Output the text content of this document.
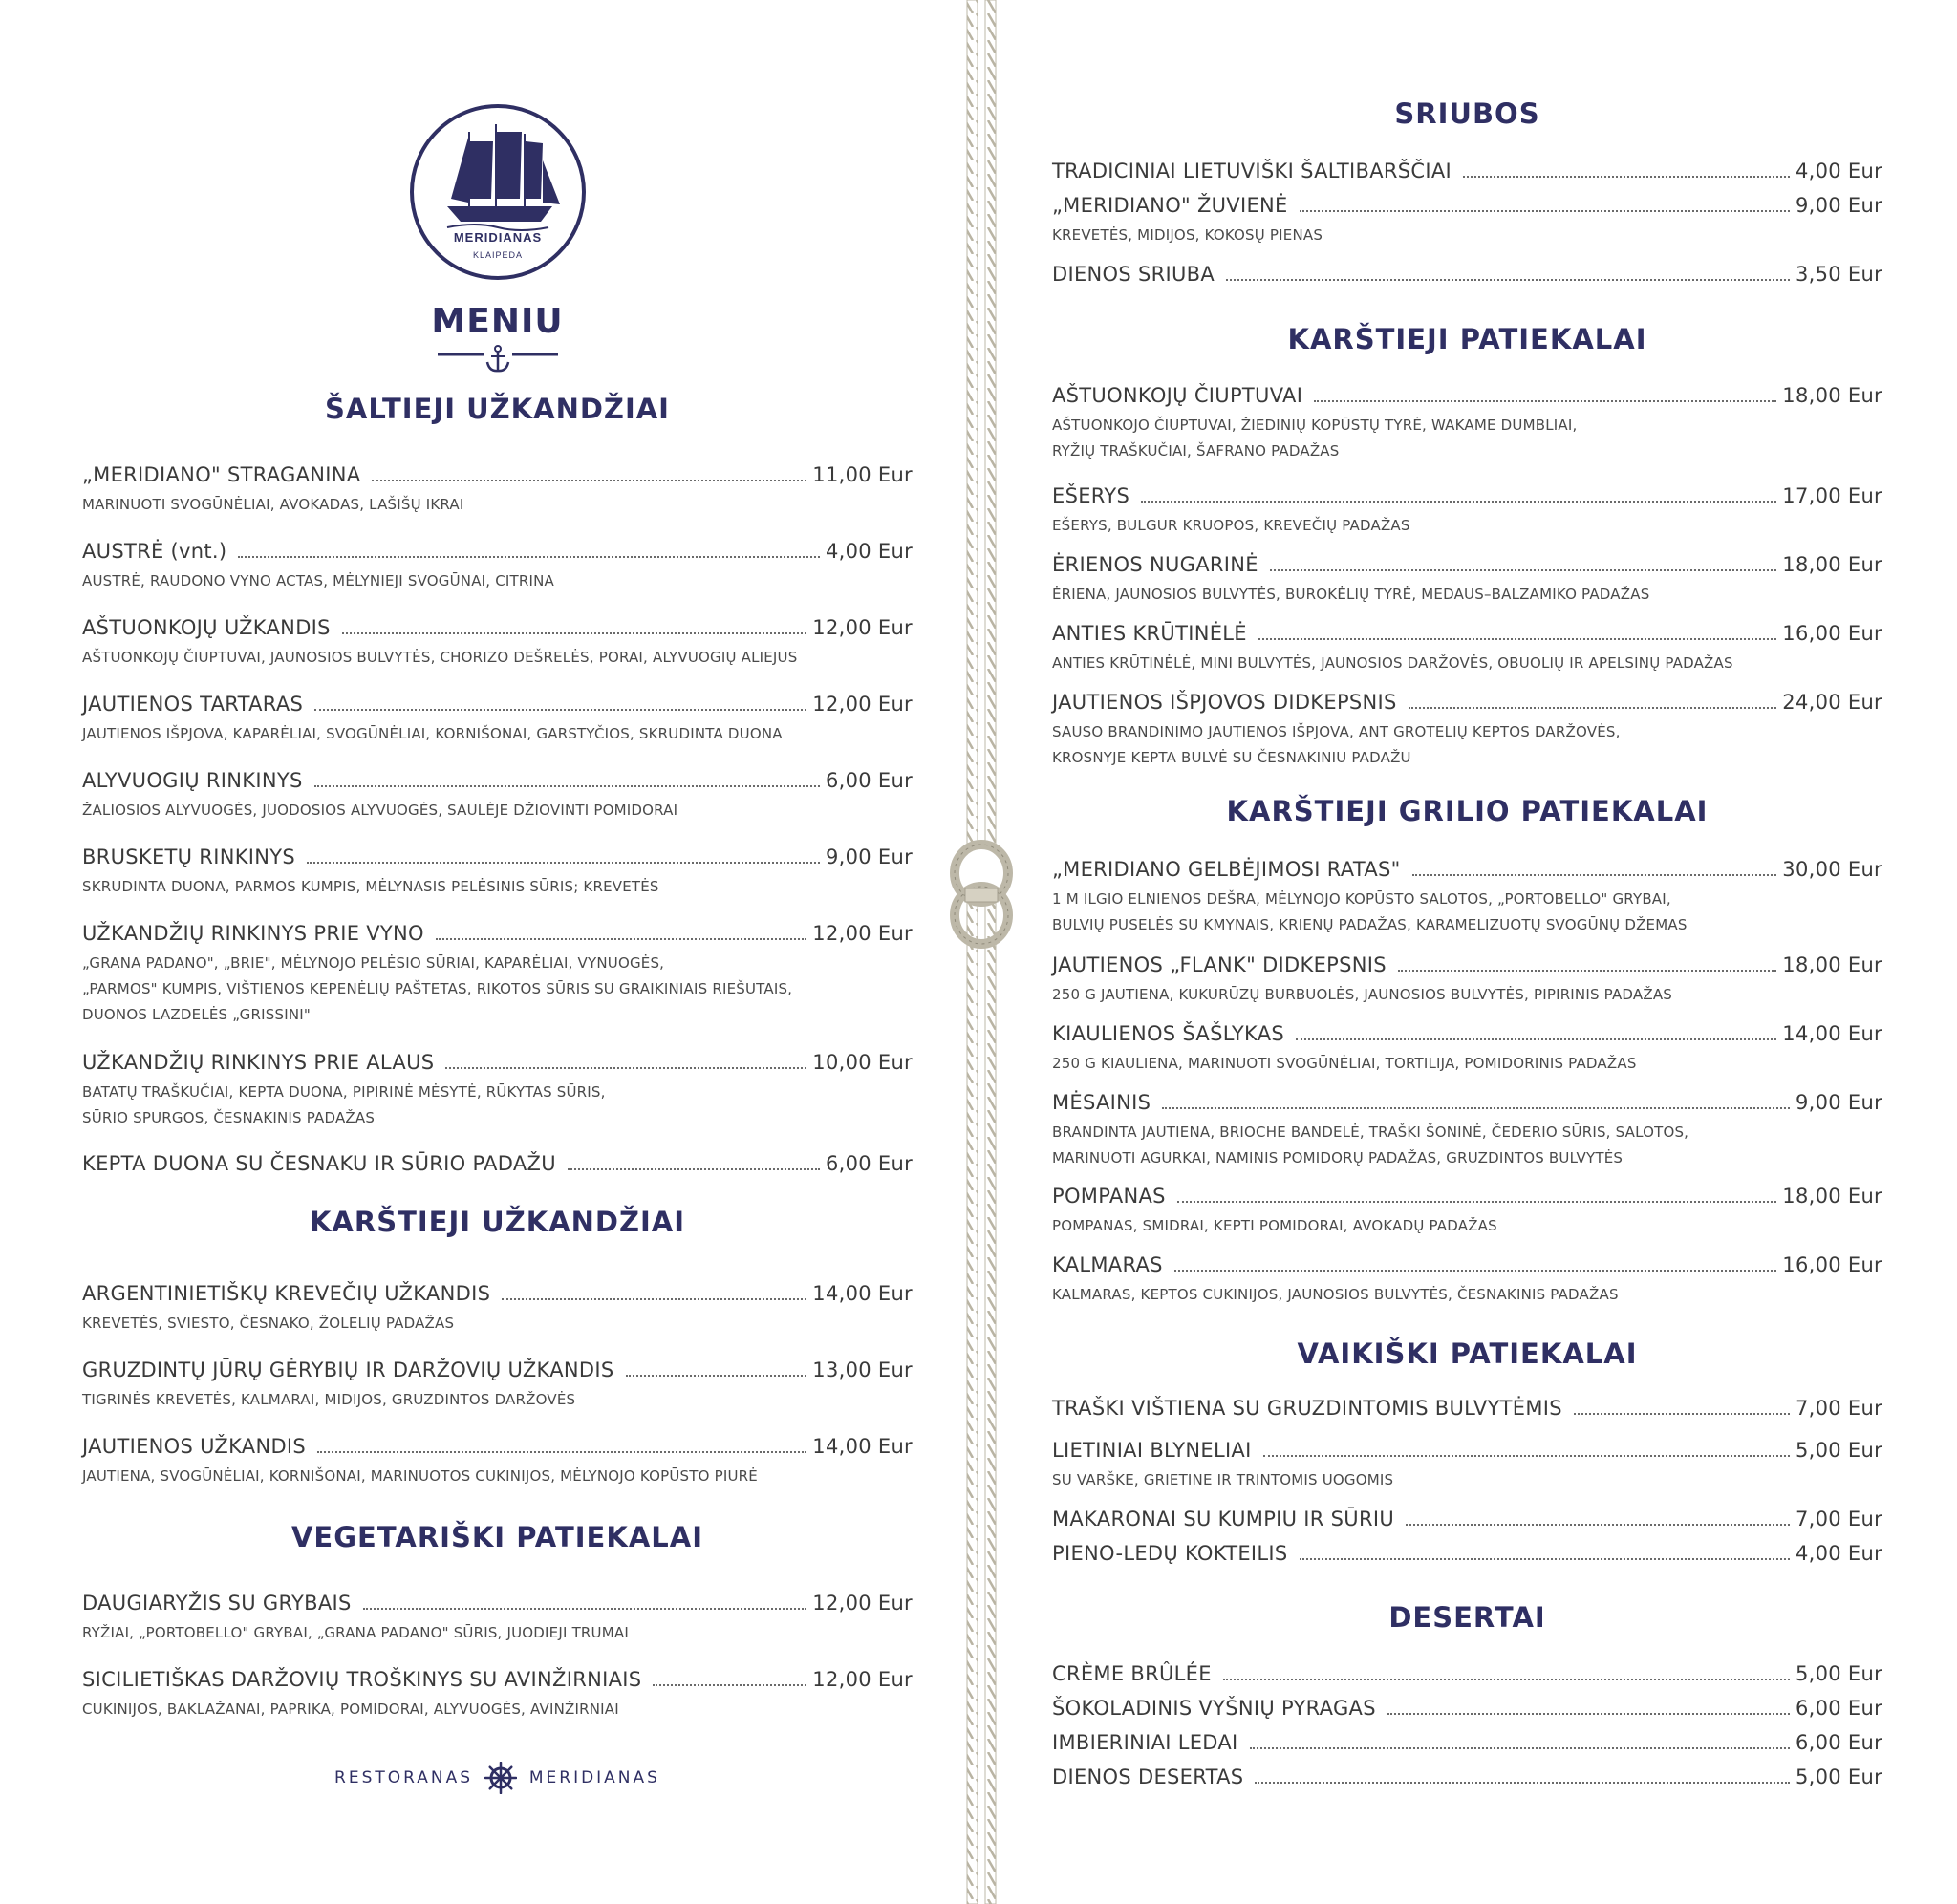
MERIDIANAS
KLAIPĖDA
MENIU
ŠALTIEJI UŽKANDŽIAI
„MERIDIANO" STRAGANINA	11,00 Eur
MARINUOTI SVOGŪNĖLIAI, AVOKADAS, LAŠIŠŲ IKRAI
AUSTRĖ (vnt.)	4,00 Eur
AUSTRĖ, RAUDONO VYNO ACTAS, MĖLYNIEJI SVOGŪNAI, CITRINA
AŠTUONKOJŲ UŽKANDIS	12,00 Eur
AŠTUONKOJŲ ČIUPTUVAI, JAUNOSIOS BULVYTĖS, CHORIZO DEŠRELĖS, PORAI, ALYVUOGIŲ ALIEJUS
JAUTIENOS TARTARAS	12,00 Eur
JAUTIENOS IŠPJOVA, KAPARĖLIAI, SVOGŪNĖLIAI, KORNIŠONAI, GARSTYČIOS, SKRUDINTA DUONA
ALYVUOGIŲ RINKINYS	6,00 Eur
ŽALIOSIOS ALYVUOGĖS, JUODOSIOS ALYVUOGĖS, SAULĖJE DŽIOVINTI POMIDORAI
BRUSKETŲ RINKINYS	9,00 Eur
SKRUDINTA DUONA, PARMOS KUMPIS, MĖLYNASIS PELĖSINIS SŪRIS; KREVETĖS
UŽKANDŽIŲ RINKINYS PRIE VYNO	12,00 Eur
„GRANA PADANO", „BRIE", MĖLYNOJO PELĖSIO SŪRIAI, KAPARĖLIAI, VYNUOGĖS,
„PARMOS" KUMPIS, VIŠTIENOS KEPENĖLIŲ PAŠTETAS, RIKOTOS SŪRIS SU GRAIKINIAIS RIEŠUTAIS,
DUONOS LAZDELĖS „GRISSINI"
UŽKANDŽIŲ RINKINYS PRIE ALAUS	10,00 Eur
BATATŲ TRAŠKUČIAI, KEPTA DUONA, PIPIRINĖ MĖSYTĖ, RŪKYTAS SŪRIS,
SŪRIO SPURGOS, ČESNAKINIS PADAŽAS
KEPTA DUONA SU ČESNAKU IR SŪRIO PADAŽU	6,00 Eur
KARŠTIEJI UŽKANDŽIAI
ARGENTINIETIŠKŲ KREVEČIŲ UŽKANDIS	14,00 Eur
KREVETĖS, SVIESTO, ČESNAKO, ŽOLELIŲ PADAŽAS
GRUZDINTŲ JŪRŲ GĖRYBIŲ IR DARŽOVIŲ UŽKANDIS	13,00 Eur
TIGRINĖS KREVETĖS, KALMARAI, MIDIJOS, GRUZDINTOS DARŽOVĖS
JAUTIENOS UŽKANDIS	14,00 Eur
JAUTIENA, SVOGŪNĖLIAI, KORNIŠONAI, MARINUOTOS CUKINIJOS, MĖLYNOJO KOPŪSTO PIURĖ
VEGETARIŠKI PATIEKALAI
DAUGIARYŽIS SU GRYBAIS	12,00 Eur
RYŽIAI, „PORTOBELLO" GRYBAI, „GRANA PADANO" SŪRIS, JUODIEJI TRUMAI
SICILIETIŠKAS DARŽOVIŲ TROŠKINYS SU AVINŽIRNIAIS	12,00 Eur
CUKINIJOS, BAKLAŽANAI, PAPRIKA, POMIDORAI, ALYVUOGĖS, AVINŽIRNIAI
RESTORANAS	MERIDIANAS
SRIUBOS
TRADICINIAI LIETUVIŠKI ŠALTIBARŠČIAI	4,00 Eur
„MERIDIANO" ŽUVIENĖ	9,00 Eur
KREVETĖS, MIDIJOS, KOKOSŲ PIENAS
DIENOS SRIUBA	3,50 Eur
KARŠTIEJI PATIEKALAI
AŠTUONKOJŲ ČIUPTUVAI	18,00 Eur
AŠTUONKOJO ČIUPTUVAI, ŽIEDINIŲ KOPŪSTŲ TYRĖ, WAKAME DUMBLIAI,
RYŽIŲ TRAŠKUČIAI, ŠAFRANO PADAŽAS
EŠERYS	17,00 Eur
EŠERYS, BULGUR KRUOPOS, KREVEČIŲ PADAŽAS
ĖRIENOS NUGARINĖ	18,00 Eur
ĖRIENA, JAUNOSIOS BULVYTĖS, BUROKĖLIŲ TYRĖ, MEDAUS–BALZAMIKO PADAŽAS
ANTIES KRŪTINĖLĖ	16,00 Eur
ANTIES KRŪTINĖLĖ, MINI BULVYTĖS, JAUNOSIOS DARŽOVĖS, OBUOLIŲ IR APELSINŲ PADAŽAS
JAUTIENOS IŠPJOVOS DIDKEPSNIS	24,00 Eur
SAUSO BRANDINIMO JAUTIENOS IŠPJOVA, ANT GROTELIŲ KEPTOS DARŽOVĖS,
KROSNYJE KEPTA BULVĖ SU ČESNAKINIU PADAŽU
KARŠTIEJI GRILIO PATIEKALAI
„MERIDIANO GELBĖJIMOSI RATAS"	30,00 Eur
1 M ILGIO ELNIENOS DEŠRA, MĖLYNOJO KOPŪSTO SALOTOS, „PORTOBELLO" GRYBAI,
BULVIŲ PUSELĖS SU KMYNAIS, KRIENŲ PADAŽAS, KARAMELIZUOTŲ SVOGŪNŲ DŽEMAS
JAUTIENOS „FLANK" DIDKEPSNIS	18,00 Eur
250 G JAUTIENA, KUKURŪZŲ BURBUOLĖS, JAUNOSIOS BULVYTĖS, PIPIRINIS PADAŽAS
KIAULIENOS ŠAŠLYKAS	14,00 Eur
250 G KIAULIENA, MARINUOTI SVOGŪNĖLIAI, TORTILIJA, POMIDORINIS PADAŽAS
MĖSAINIS	9,00 Eur
BRANDINTA JAUTIENA, BRIOCHE BANDELĖ, TRAŠKI ŠONINĖ, ČEDERIO SŪRIS, SALOTOS,
MARINUOTI AGURKAI, NAMINIS POMIDORŲ PADAŽAS, GRUZDINTOS BULVYTĖS
POMPANAS	18,00 Eur
POMPANAS, SMIDRAI, KEPTI POMIDORAI, AVOKADŲ PADAŽAS
KALMARAS	16,00 Eur
KALMARAS, KEPTOS CUKINIJOS, JAUNOSIOS BULVYTĖS, ČESNAKINIS PADAŽAS
VAIKIŠKI PATIEKALAI
TRAŠKI VIŠTIENA SU GRUZDINTOMIS BULVYTĖMIS	7,00 Eur
LIETINIAI BLYNELIAI	5,00 Eur
SU VARŠKE, GRIETINE IR TRINTOMIS UOGOMIS
MAKARONAI SU KUMPIU IR SŪRIU	7,00 Eur
PIENO-LEDŲ KOKTEILIS	4,00 Eur
DESERTAI
CRÈME BRÛLÉE	5,00 Eur
ŠOKOLADINIS VYŠNIŲ PYRAGAS	6,00 Eur
IMBIERINIAI LEDAI	6,00 Eur
DIENOS DESERTAS	5,00 Eur
